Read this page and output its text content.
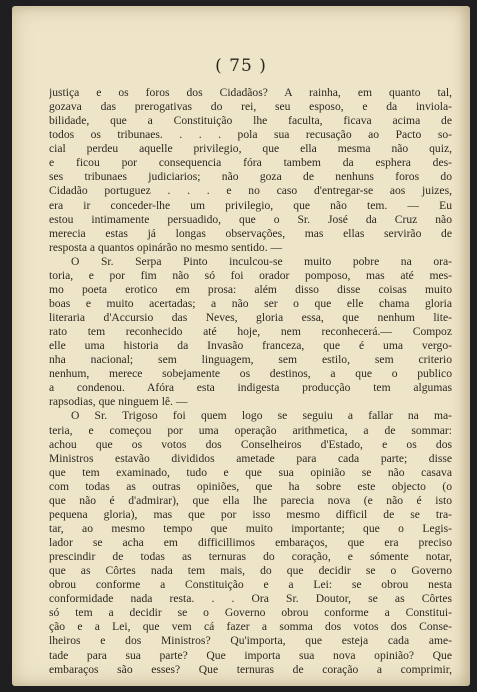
( 75 )
justiça e os foros dos Cidadãos? A rainha, em quanto tal,
gozava das prerogativas do rei, seu esposo, e da inviola-
bilidade, que a Constituição lhe faculta, ficava acima de
todos os tribunaes. . . . pola sua recusação ao Pacto so-
cial perdeu aquelle privilegio, que ella mesma não quiz,
e ficou por consequencia fóra tambem da esphera des-
ses tribunaes judiciarios; não goza de nenhuns foros do
Cidadão portuguez . . . e no caso d'entregar-se aos juizes,
era ir conceder-lhe um privilegio, que não tem. — Eu
estou intimamente persuadido, que o Sr. José da Cruz não
merecia estas já longas observações, mas ellas servirão de
resposta a quantos opinárão no mesmo sentido. —
O Sr. Serpa Pinto inculcou-se muito pobre na ora-
toria, e por fim não só foi orador pomposo, mas até mes-
mo poeta erotico em prosa: além disso disse coisas muito
boas e muito acertadas; a não ser o que elle chama gloria
literaria d'Accursio das Neves, gloria essa, que nenhum lite-
rato tem reconhecido até hoje, nem reconhecerá.— Compoz
elle uma historia da Invasão franceza, que é uma vergo-
nha nacional; sem linguagem, sem estilo, sem criterio
nenhum, merece sobejamente os destinos, a que o publico
a condenou. Afóra esta indigesta producção tem algumas
rapsodias, que ninguem lê. —
O Sr. Trigoso foi quem logo se seguiu a fallar na ma-
teria, e começou por uma operação arithmetica, a de sommar:
achou que os votos dos Conselheiros d'Estado, e os dos
Ministros estavão divididos ametade para cada parte; disse
que tem examinado, tudo e que sua opinião se não casava
com todas as outras opiniões, que ha sobre este objecto (o
que não é d'admirar), que ella lhe parecia nova (e não é isto
pequena gloria), mas que por isso mesmo difficil de se tra-
tar, ao mesmo tempo que muito importante; que o Legis-
lador se acha em difficillimos embaraços, que era preciso
prescindir de todas as ternuras do coração, e sómente notar,
que as Côrtes nada tem mais, do que decidir se o Governo
obrou conforme a Constituição e a Lei: se obrou nesta
conformidade nada resta. . . Ora Sr. Doutor, se as Côrtes
só tem a decidir se o Governo obrou conforme a Constitui-
ção e a Lei, que vem cá fazer a somma dos votos dos Conse-
lheiros e dos Ministros? Qu'importa, que esteja cada ame-
tade para sua parte? Que importa sua nova opinião? Que
embaraços são esses? Que ternuras de coração a comprimir,
